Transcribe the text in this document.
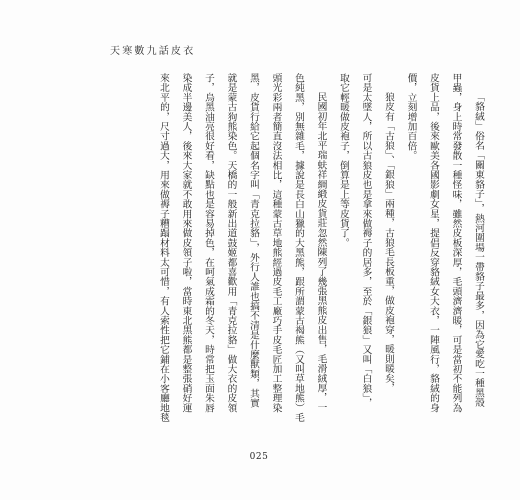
天寒數九話皮衣
「貉絨」俗名「關東貉子」，熱河圍場一帶貉子最多，因為它愛吃一種黑殼
甲蟲，身上時常發散一種怪味，雖然皮板深厚，毛頭濟濟暖，可是當初不能列為
皮貨上品，後來歐美各國影劇女星，提倡反穿貉絨女大衣，一陣風行，貉絨的身
價，立刻增加百倍。
狼皮有「古狼」、「銀狼」兩種，古狼毛長板重，做皮袍穿，暖則暖矣，
可是太墜人，所以古狼皮也是拿來做褥子的居多，至於「銀狼」又叫「白狼」，
取它輕暖做皮袍子，倒算是上等皮貨了。
民國初年北平瑞蚨祥綢緞皮貨莊忽然陳列了幾張黑熊皮出售，毛滑絨厚，一
色純黑，別無雜毛，據說是長白山獵的大黑熊，跟所謂蒙古褐熊（又叫草地熊）毛
頭光彩兩者簡直沒法相比，這種蒙古草地熊經過皮毛工廠巧手皮毛匠加工整理染
黑，皮貨行給它起個名字叫「青克拉貉」，外行人誰也搞不清是什麼獸類，其實
就是蒙古狗熊染色。天橋的一般新出道鼓姬都喜歡用「青克拉貉」做大衣的皮領
子，烏黑油亮很好看，缺點也是容易掉色，在呵氣成霜的冬天，時常把玉面朱唇
染成半邊美人，後來大家就不敢用來做皮領子啦，當時東北黑熊都是整張硝好運
來北平的，尺寸過大，用來做褥子糟蹋材料太可惜，有人索性把它鋪在小客廳地毯
025
